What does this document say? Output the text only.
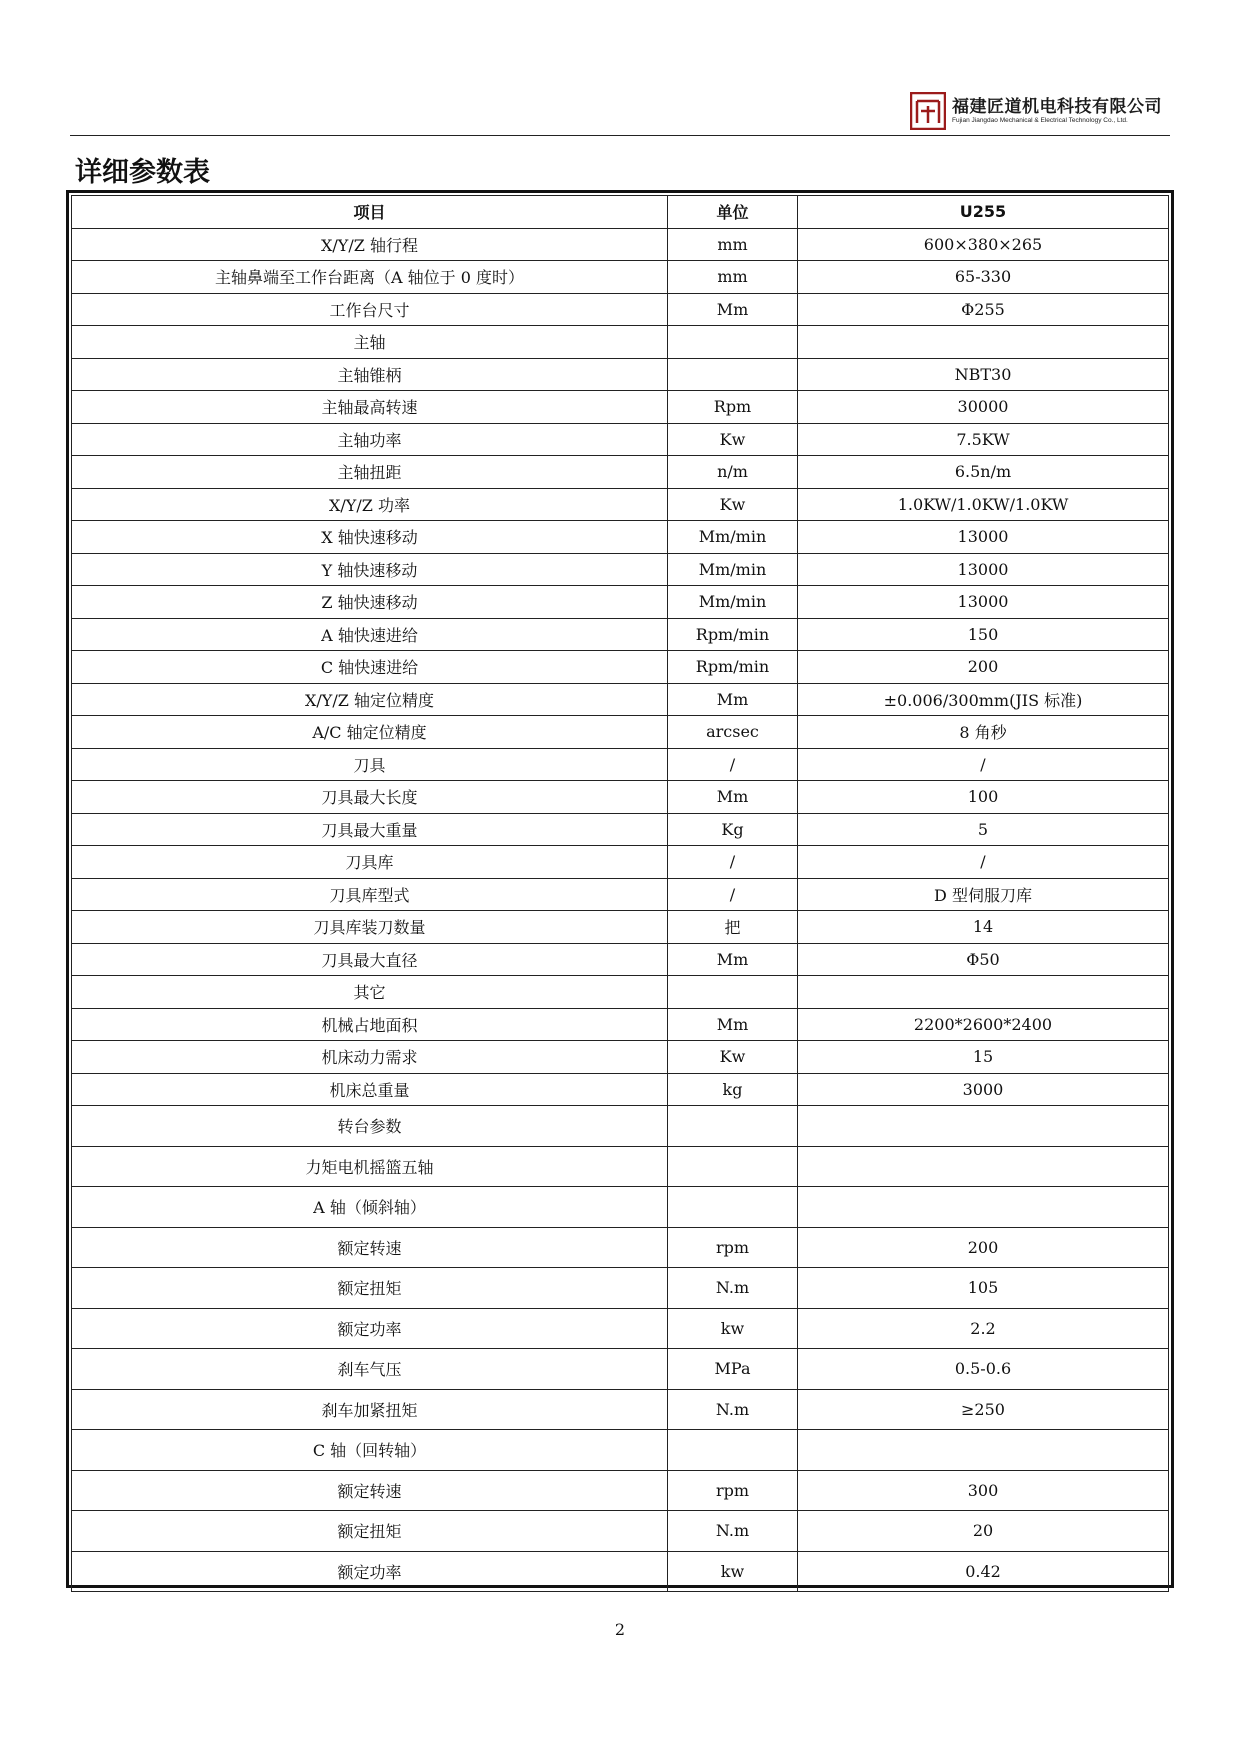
福建匠道机电科技有限公司
Fujian Jiangdao Mechanical & Electrical Technology Co., Ltd.
详细参数表
项目	单位	U255
X/Y/Z 轴行程	mm	600×380×265
主轴鼻端至工作台距离（A 轴位于 0 度时）	mm	65-330
工作台尺寸	Mm	Φ255
主轴		
主轴锥柄		NBT30
主轴最高转速	Rpm	30000
主轴功率	Kw	7.5KW
主轴扭距	n/m	6.5n/m
X/Y/Z 功率	Kw	1.0KW/1.0KW/1.0KW
X 轴快速移动	Mm/min	13000
Y 轴快速移动	Mm/min	13000
Z 轴快速移动	Mm/min	13000
A 轴快速进给	Rpm/min	150
C 轴快速进给	Rpm/min	200
X/Y/Z 轴定位精度	Mm	±0.006/300mm(JIS 标准)
A/C 轴定位精度	arcsec	8 角秒
刀具	/	/
刀具最大长度	Mm	100
刀具最大重量	Kg	5
刀具库	/	/
刀具库型式	/	D 型伺服刀库
刀具库装刀数量	把	14
刀具最大直径	Mm	Φ50
其它		
机械占地面积	Mm	2200*2600*2400
机床动力需求	Kw	15
机床总重量	kg	3000
转台参数		
力矩电机摇篮五轴		
A 轴（倾斜轴）		
额定转速	rpm	200
额定扭矩	N.m	105
额定功率	kw	2.2
刹车气压	MPa	0.5-0.6
刹车加紧扭矩	N.m	≥250
C 轴（回转轴）		
额定转速	rpm	300
额定扭矩	N.m	20
额定功率	kw	0.42
2
